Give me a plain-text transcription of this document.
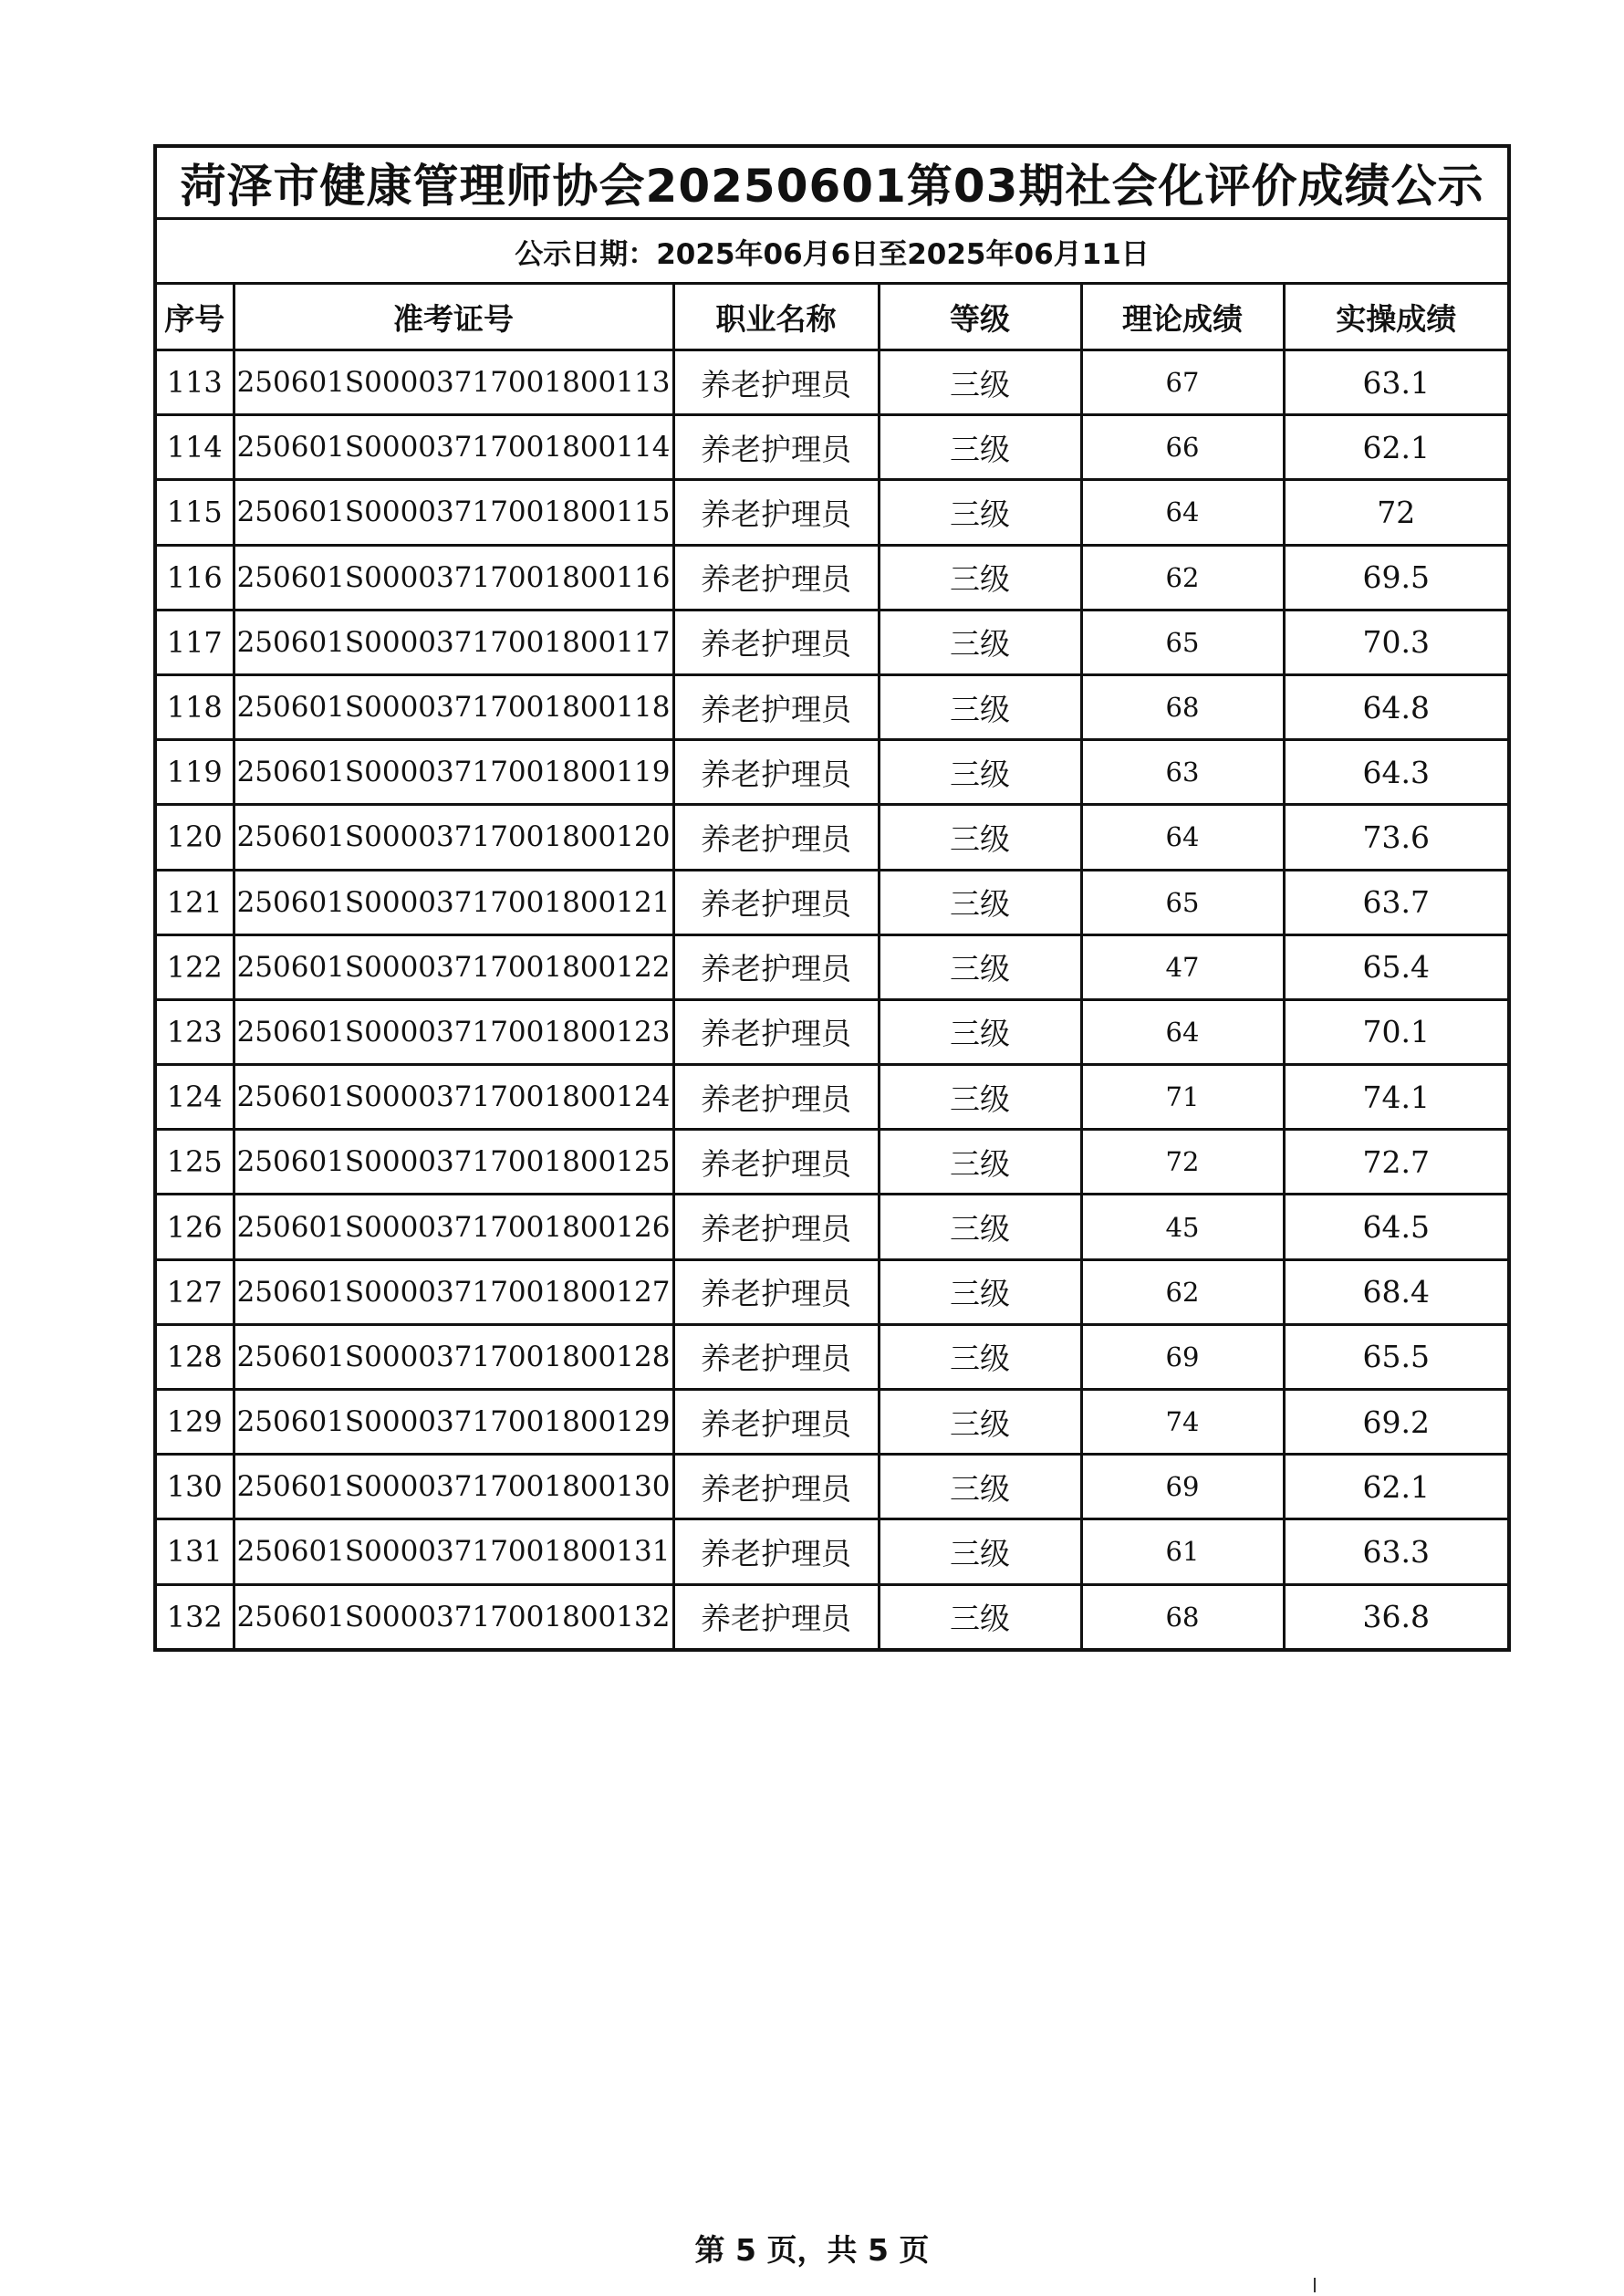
菏泽市健康管理师协会20250601第03期社会化评价成绩公示					
公示日期：2025年06月6日至2025年06月11日					
序号	准考证号	职业名称	等级	理论成绩	实操成绩
113	250601S00003717001800113	养老护理员	三级	67	63.1
114	250601S00003717001800114	养老护理员	三级	66	62.1
115	250601S00003717001800115	养老护理员	三级	64	72
116	250601S00003717001800116	养老护理员	三级	62	69.5
117	250601S00003717001800117	养老护理员	三级	65	70.3
118	250601S00003717001800118	养老护理员	三级	68	64.8
119	250601S00003717001800119	养老护理员	三级	63	64.3
120	250601S00003717001800120	养老护理员	三级	64	73.6
121	250601S00003717001800121	养老护理员	三级	65	63.7
122	250601S00003717001800122	养老护理员	三级	47	65.4
123	250601S00003717001800123	养老护理员	三级	64	70.1
124	250601S00003717001800124	养老护理员	三级	71	74.1
125	250601S00003717001800125	养老护理员	三级	72	72.7
126	250601S00003717001800126	养老护理员	三级	45	64.5
127	250601S00003717001800127	养老护理员	三级	62	68.4
128	250601S00003717001800128	养老护理员	三级	69	65.5
129	250601S00003717001800129	养老护理员	三级	74	69.2
130	250601S00003717001800130	养老护理员	三级	69	62.1
131	250601S00003717001800131	养老护理员	三级	61	63.3
132	250601S00003717001800132	养老护理员	三级	68	36.8
第 5 页，共 5 页
